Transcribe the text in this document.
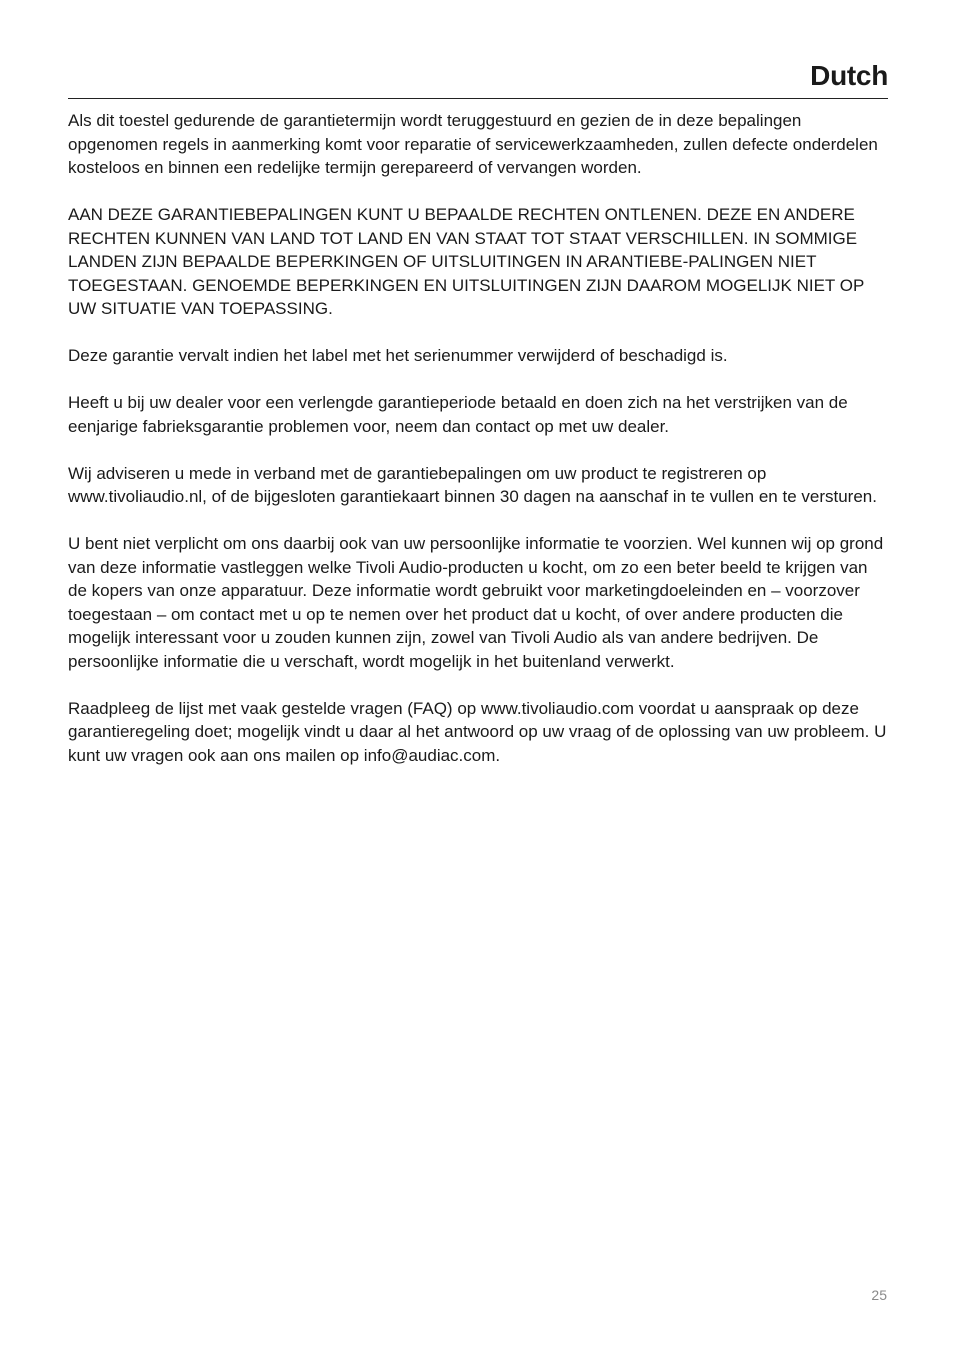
Dutch

Als dit toestel gedurende de garantietermijn wordt teruggestuurd en gezien de in deze bepalingen opgenomen regels in aanmerking komt voor reparatie of servicewerkzaamheden, zullen defecte onderdelen kosteloos en binnen een redelijke termijn gerepareerd of vervangen worden.

AAN DEZE GARANTIEBEPALINGEN KUNT U BEPAALDE RECHTEN ONTLENEN. DEZE EN ANDERE RECHTEN KUNNEN VAN LAND TOT LAND EN VAN STAAT TOT STAAT VERSCHILLEN. IN SOMMIGE LANDEN ZIJN BEPAALDE BEPERKINGEN OF UITSLUITINGEN IN ARANTIEBE-PALINGEN NIET TOEGESTAAN. GENOEMDE BEPERKINGEN EN UITSLUITINGEN ZIJN DAAROM MOGELIJK NIET OP UW SITUATIE VAN TOEPASSING.

Deze garantie vervalt indien het label met het serienummer verwijderd of beschadigd is.

Heeft u bij uw dealer voor een verlengde garantieperiode betaald en doen zich na het verstrijken van de eenjarige fabrieksgarantie problemen voor, neem dan contact op met uw dealer.

Wij adviseren u mede in verband met de garantiebepalingen om uw product te registreren op www.tivoliaudio.nl, of de bijgesloten garantiekaart binnen 30 dagen na aanschaf in te vullen en te versturen.

U bent niet verplicht om ons daarbij ook van uw persoonlijke informatie te voorzien. Wel kunnen wij op grond van deze informatie vastleggen welke Tivoli Audio-producten u kocht, om zo een beter beeld te krijgen van de kopers van onze apparatuur. Deze informatie wordt gebruikt voor marketingdoeleinden en – voorzover toegestaan – om contact met u op te nemen over het product dat u kocht, of over andere producten die mogelijk interessant voor u zouden kunnen zijn, zowel van Tivoli Audio als van andere bedrijven. De persoonlijke informatie die u verschaft, wordt mogelijk in het buitenland verwerkt.

Raadpleeg de lijst met vaak gestelde vragen (FAQ) op www.tivoliaudio.com voordat u aanspraak op deze garantieregeling doet; mogelijk vindt u daar al het antwoord op uw vraag of de oplossing van uw probleem. U kunt uw vragen ook aan ons mailen op info@audiac.com.

25
